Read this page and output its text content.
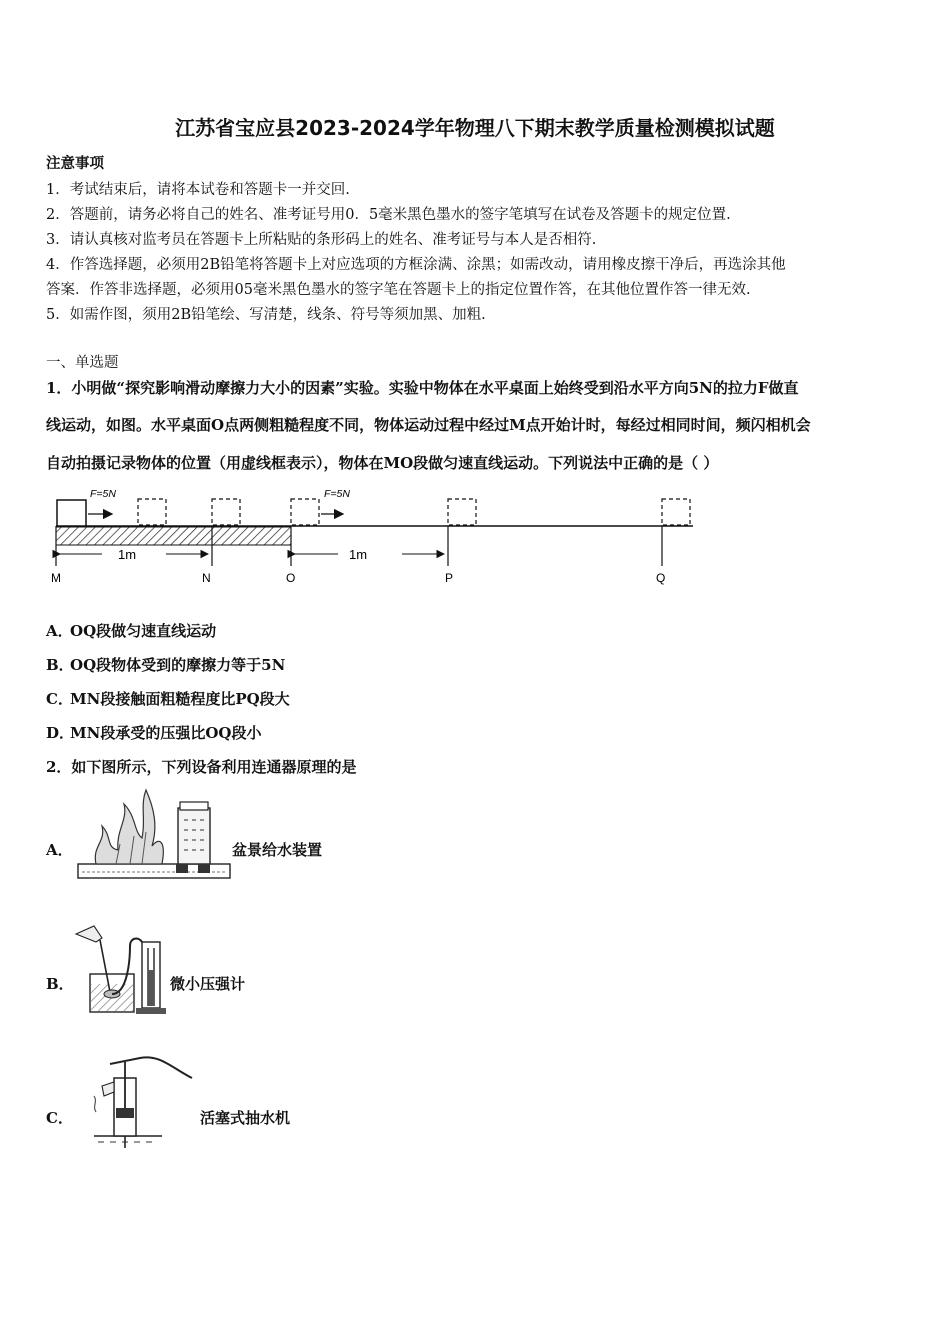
江苏省宝应县2023-2024学年物理八下期末教学质量检测模拟试题
注意事项
1．考试结束后，请将本试卷和答题卡一并交回.
2．答题前，请务必将自己的姓名、准考证号用0．5毫米黑色墨水的签字笔填写在试卷及答题卡的规定位置.
3．请认真核对监考员在答题卡上所粘贴的条形码上的姓名、准考证号与本人是否相符.
4．作答选择题，必须用2B铅笔将答题卡上对应选项的方框涂满、涂黑；如需改动，请用橡皮擦干净后，再选涂其他
答案．作答非选择题，必须用05毫米黑色墨水的签字笔在答题卡上的指定位置作答，在其他位置作答一律无效.
5．如需作图，须用2B铅笔绘、写清楚，线条、符号等须加黑、加粗.
一、单选题
1．小明做“探究影响滑动摩擦力大小的因素”实验。实验中物体在水平桌面上始终受到沿水平方向5N的拉力F做直
线运动，如图。水平桌面O点两侧粗糙程度不同，物体运动过程中经过M点开始计时，每经过相同时间，频闪相机会
自动拍摄记录物体的位置（用虚线框表示），物体在MO段做匀速直线运动。下列说法中正确的是（ ）
F=5N	F=5N
1m	1m
M	N	O	P	Q
A．OQ段做匀速直线运动
B．OQ段物体受到的摩擦力等于5N
C．MN段接触面粗糙程度比PQ段大
D．MN段承受的压强比OQ段小
2．如下图所示，下列设备利用连通器原理的是
A．	盆景给水装置
B．	微小压强计
C．	活塞式抽水机
